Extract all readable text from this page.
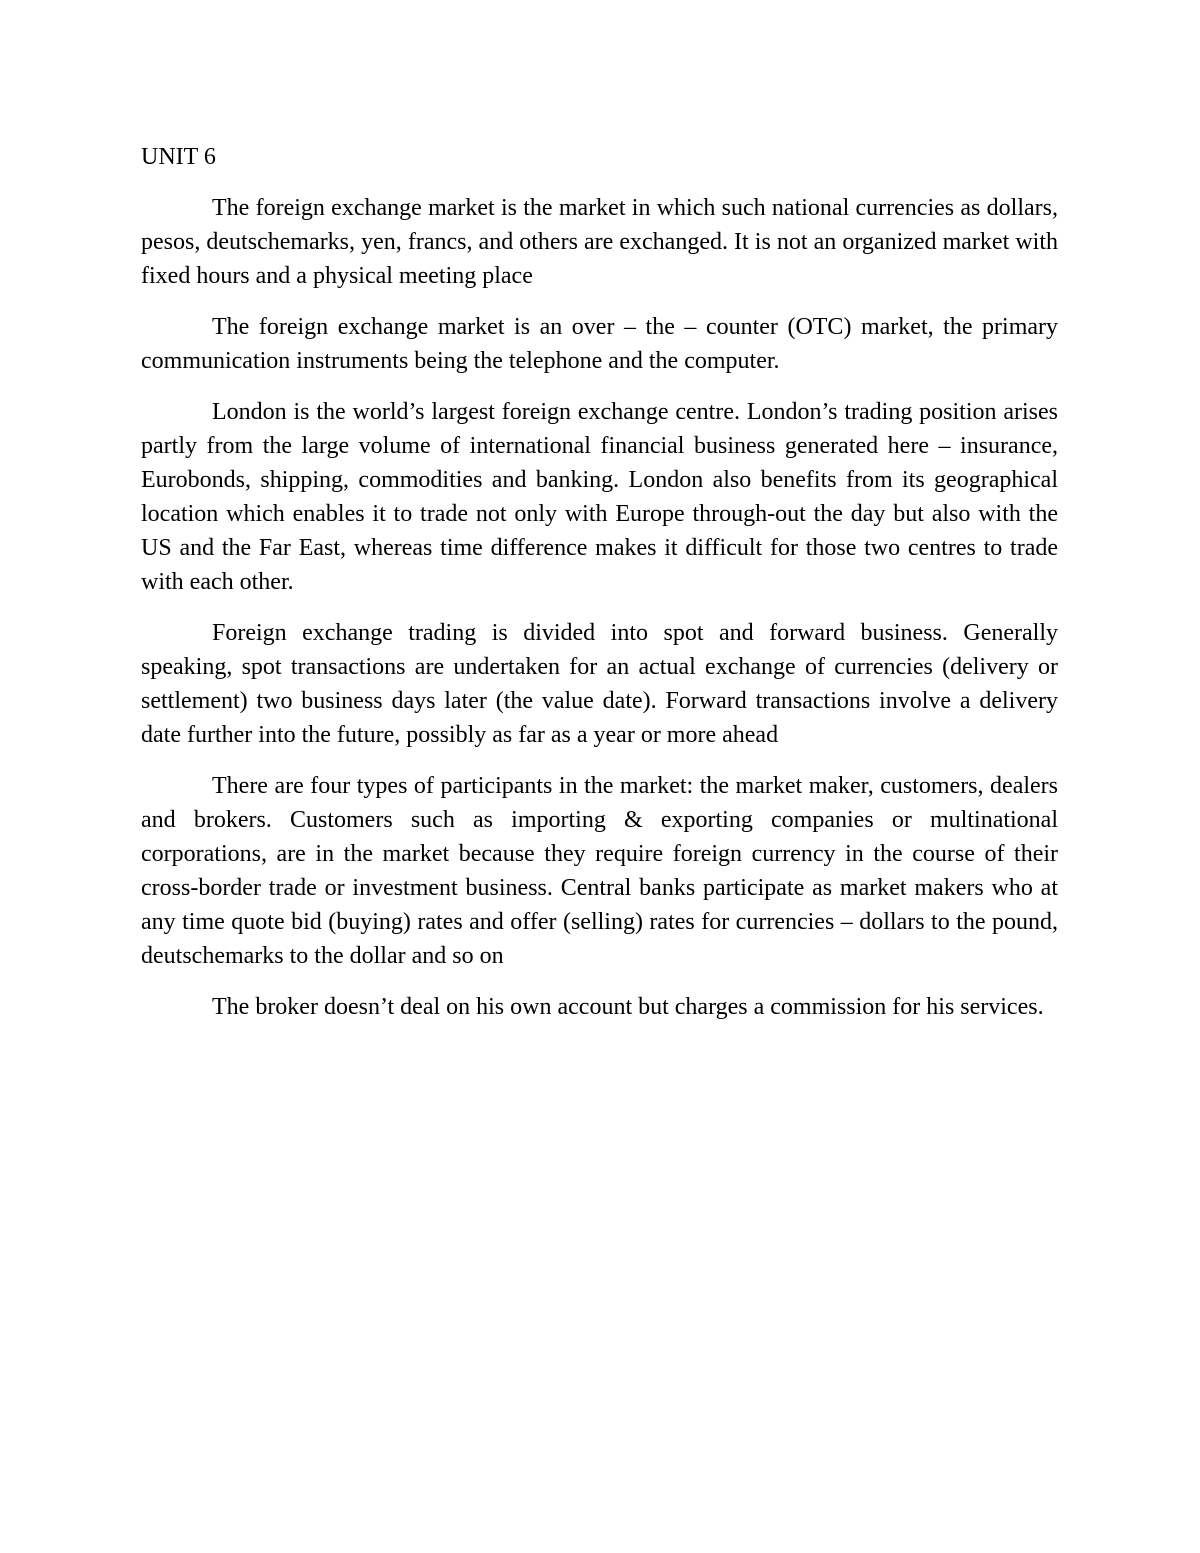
UNIT 6

The foreign exchange market is the market in which such national currencies as dollars, pesos, deutschemarks, yen, francs, and others are exchanged. It is not an organized market with fixed hours and a physical meeting place

The foreign exchange market is an over – the – counter (OTC) market, the primary communication instruments being the telephone and the computer.

London is the world’s largest foreign exchange centre. London’s trading position arises partly from the large volume of international financial business generated here – insurance, Eurobonds, shipping, commodities and banking. London also benefits from its geographical location which enables it to trade not only with Europe through-out the day but also with the US and the Far East, whereas time difference makes it difficult for those two centres to trade with each other.

Foreign exchange trading is divided into spot and forward business. Generally speaking, spot transactions are undertaken for an actual exchange of currencies (delivery or settlement) two business days later (the value date). Forward transactions involve a delivery date further into the future, possibly as far as a year or more ahead

There are four types of participants in the market: the market maker, customers, dealers and brokers. Customers such as importing & exporting companies or multinational corporations, are in the market because they require foreign currency in the course of their cross-border trade or investment business. Central banks participate as market makers who at any time quote bid (buying) rates and offer (selling) rates for currencies – dollars to the pound, deutschemarks to the dollar and so on

The broker doesn’t deal on his own account but charges a commission for his services.
